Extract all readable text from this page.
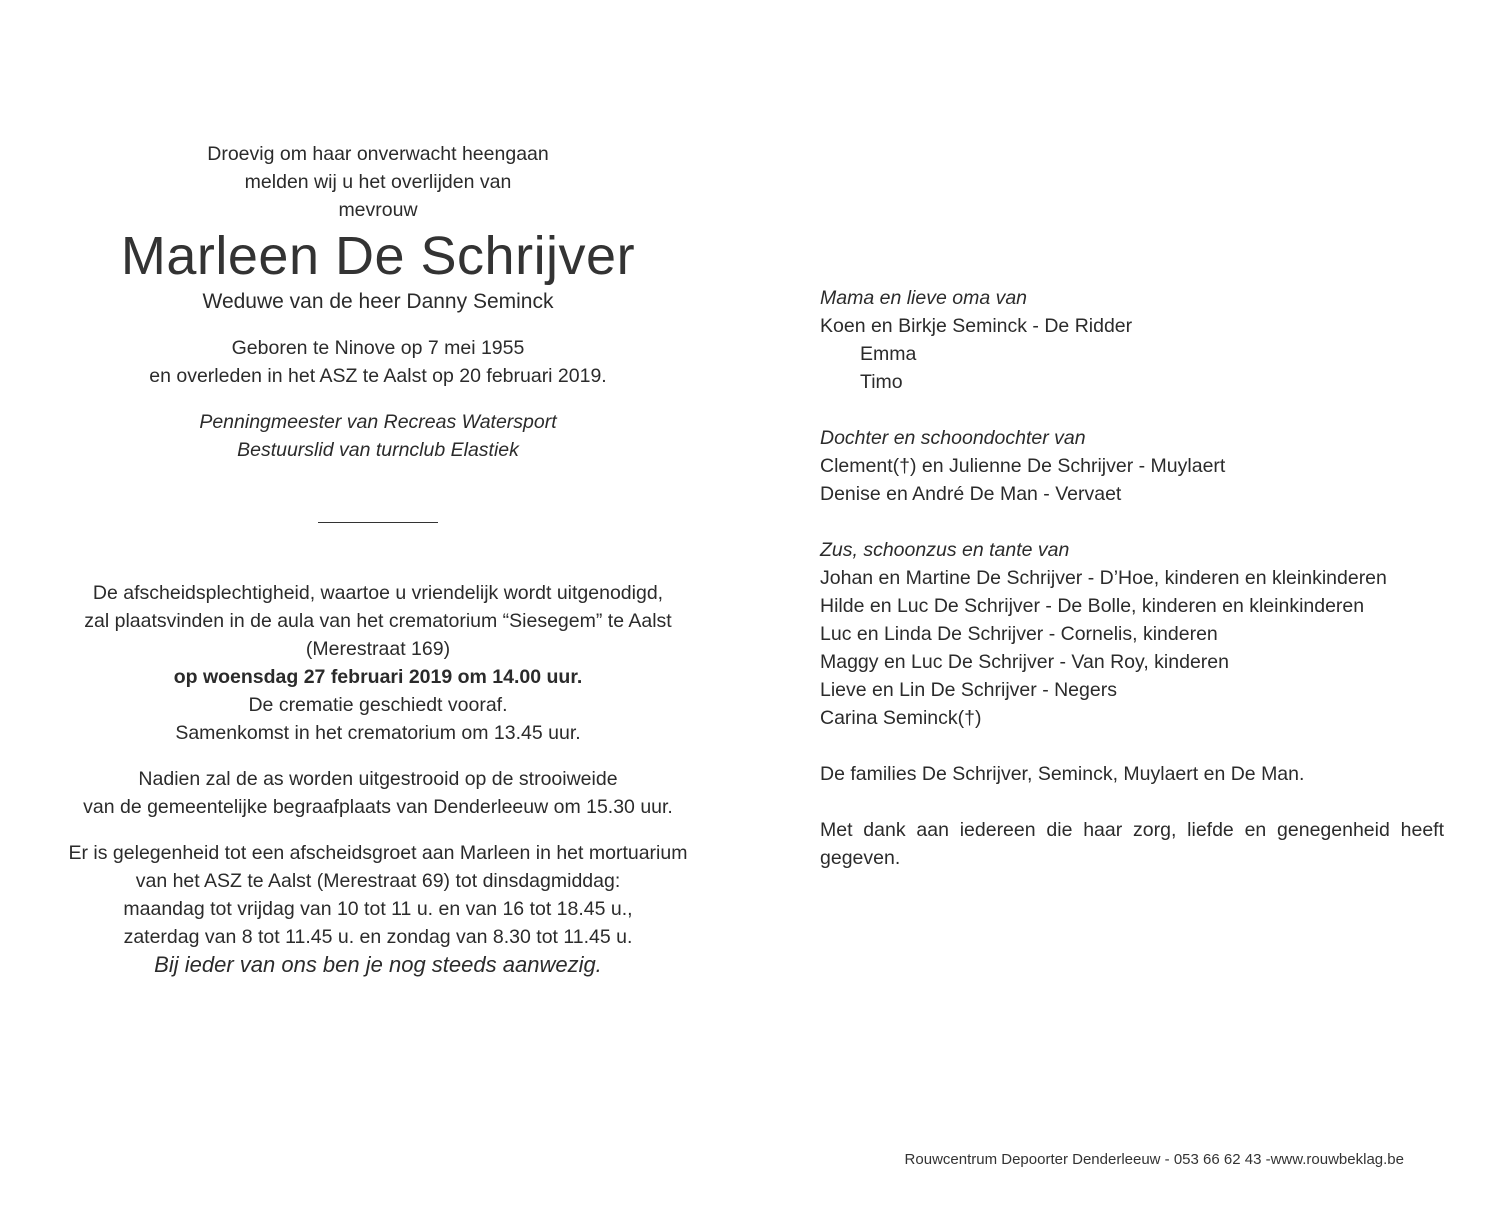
Droevig om haar onverwacht heengaan

melden wij u het overlijden van

mevrouw

Marleen De Schrijver

Weduwe van de heer Danny Seminck

Geboren te Ninove op 7 mei 1955

en overleden in het ASZ te Aalst op 20 februari 2019.

Penningmeester van Recreas Watersport

Bestuurslid van turnclub Elastiek

De afscheidsplechtigheid, waartoe u vriendelijk wordt uitgenodigd,

zal plaatsvinden in de aula van het crematorium “Siesegem” te Aalst

(Merestraat 169)

op woensdag 27 februari 2019 om 14.00 uur.

De crematie geschiedt vooraf.

Samenkomst in het crematorium om 13.45 uur.

Nadien zal de as worden uitgestrooid op de strooiweide

van de gemeentelijke begraafplaats van Denderleeuw om 15.30 uur.

Er is gelegenheid tot een afscheidsgroet aan Marleen in het mortuarium

van het ASZ te Aalst (Merestraat 69) tot dinsdagmiddag:

maandag tot vrijdag van 10 tot 11 u. en van 16 tot 18.45 u.,

zaterdag van 8 tot 11.45 u. en zondag van 8.30 tot 11.45 u.

Bij ieder van ons ben je nog steeds aanwezig.

Mama en lieve oma van

Koen en Birkje Seminck - De Ridder

Emma

Timo

Dochter en schoondochter van

Clement(†) en Julienne De Schrijver - Muylaert

Denise en André De Man - Vervaet

Zus, schoonzus en tante van

Johan en Martine De Schrijver - D’Hoe, kinderen en kleinkinderen

Hilde en Luc De Schrijver - De Bolle, kinderen en kleinkinderen

Luc en Linda De Schrijver - Cornelis, kinderen

Maggy en Luc De Schrijver - Van Roy, kinderen

Lieve en Lin De Schrijver - Negers

Carina Seminck(†)

De families De Schrijver, Seminck, Muylaert en De Man.

Met dank aan iedereen die haar zorg, liefde en genegenheid heeft gegeven.

Rouwcentrum Depoorter Denderleeuw - 053 66 62 43 -www.rouwbeklag.be
